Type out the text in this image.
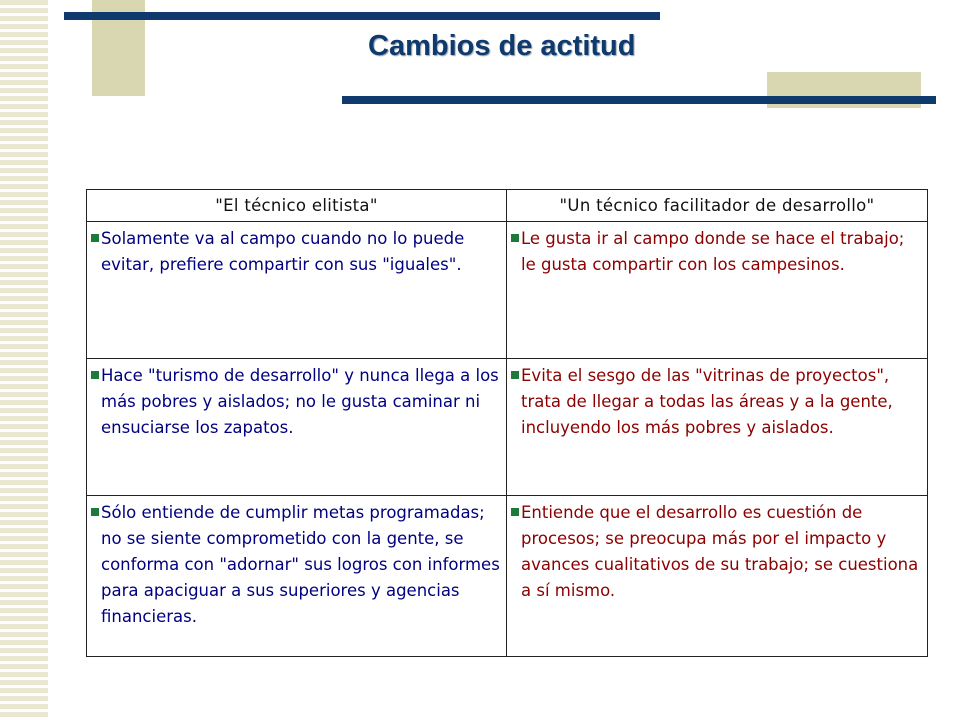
Cambios de actitud
"El técnico elitista"	"Un técnico facilitador de desarrollo"

Solamente va al campo cuando no lo puede evitar, prefiere compartir con sus "iguales".	Le gusta ir al campo donde se hace el trabajo; le gusta compartir con los campesinos.

Hace "turismo de desarrollo" y nunca llega a los más pobres y aislados; no le gusta caminar ni ensuciarse los zapatos.	Evita el sesgo de las "vitrinas de proyectos", trata de llegar a todas las áreas y a la gente, incluyendo los más pobres y aislados.

Sólo entiende de cumplir metas programadas; no se siente comprometido con la gente, se conforma con "adornar" sus logros con informes para apaciguar a sus superiores y agencias financieras.	Entiende que el desarrollo es cuestión de procesos; se preocupa más por el impacto y avances cualitativos de su trabajo; se cuestiona a sí mismo.
